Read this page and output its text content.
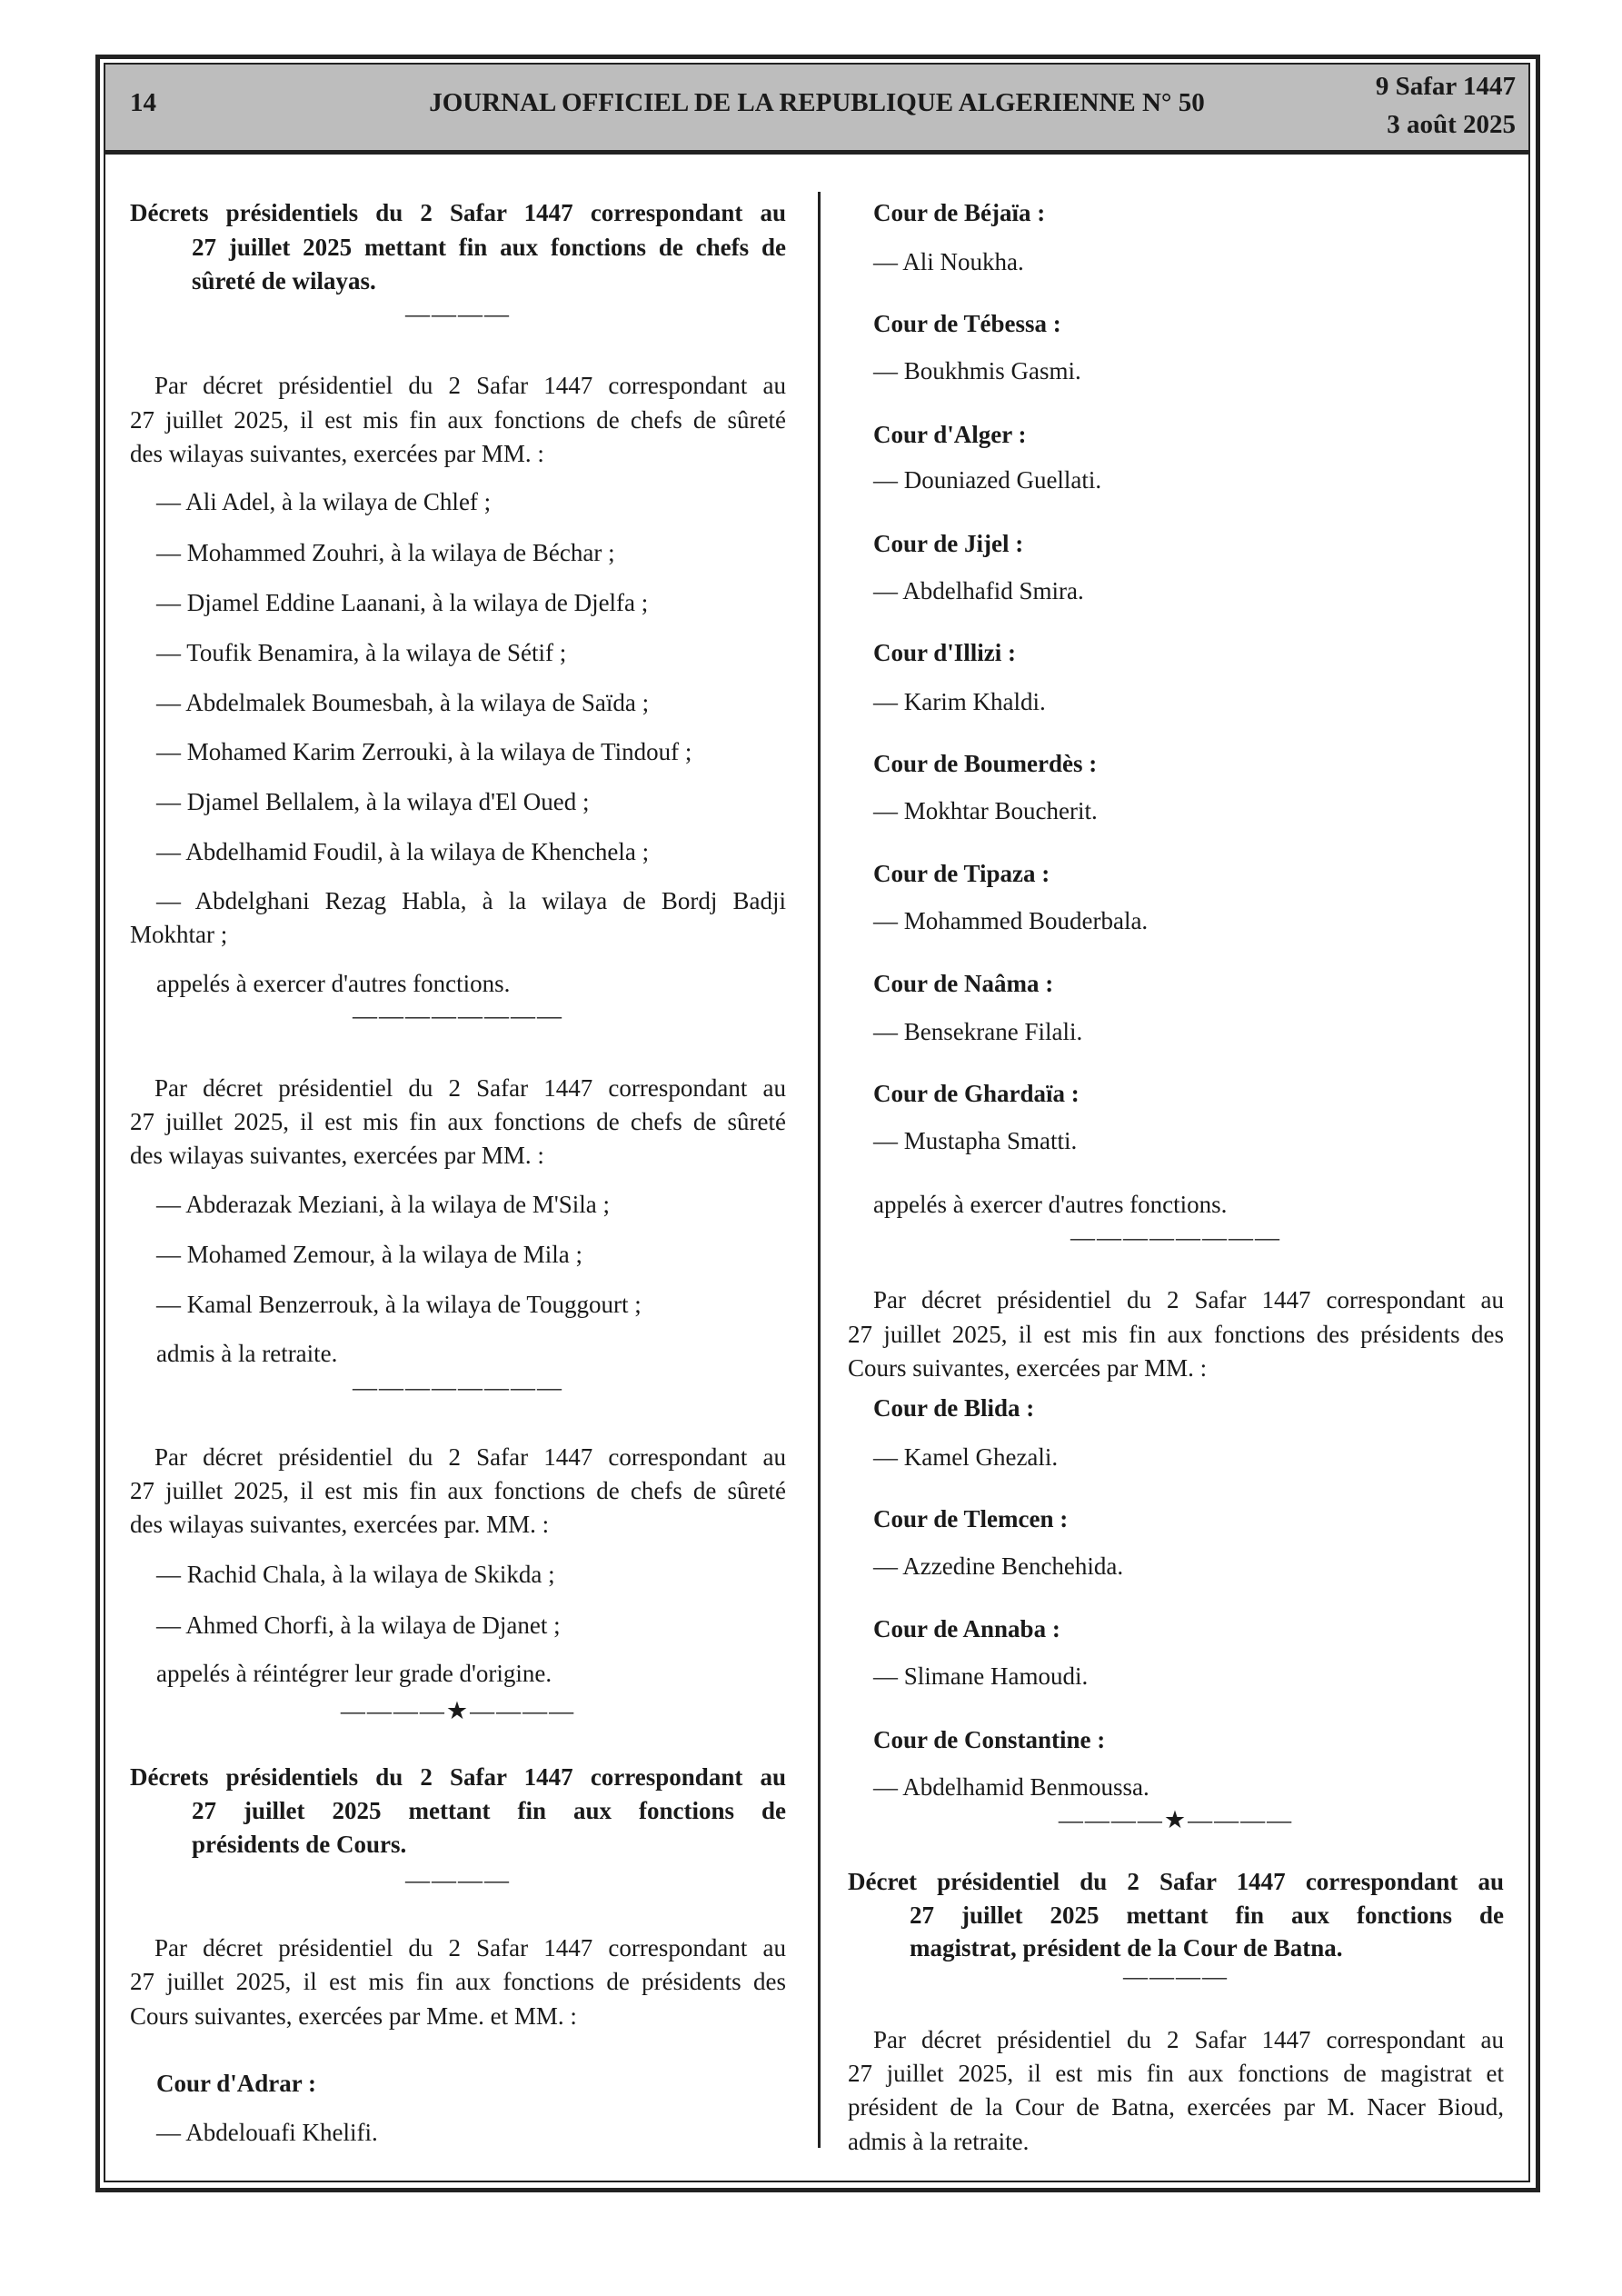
14	JOURNAL OFFICIEL DE LA REPUBLIQUE ALGERIENNE N° 50
9 Safar 1447
3 août 2025
Décrets présidentiels du 2 Safar 1447 correspondant au
27 juillet 2025 mettant fin aux fonctions de chefs de
sûreté de wilayas.
————
Par décret présidentiel du 2 Safar 1447 correspondant au
27 juillet 2025, il est mis fin aux fonctions de chefs de sûreté
des wilayas suivantes, exercées par MM. :
— Ali Adel, à la wilaya de Chlef ;
— Mohammed Zouhri, à la wilaya de Béchar ;
— Djamel Eddine Laanani, à la wilaya de Djelfa ;
— Toufik Benamira, à la wilaya de Sétif ;
— Abdelmalek Boumesbah, à la wilaya de Saïda ;
— Mohamed Karim Zerrouki, à la wilaya de Tindouf ;
— Djamel Bellalem, à la wilaya d'El Oued ;
— Abdelhamid Foudil, à la wilaya de Khenchela ;
— Abdelghani Rezag Habla, à la wilaya de Bordj Badji
Mokhtar ;
appelés à exercer d'autres fonctions.
————————
Par décret présidentiel du 2 Safar 1447 correspondant au
27 juillet 2025, il est mis fin aux fonctions de chefs de sûreté
des wilayas suivantes, exercées par MM. :
— Abderazak Meziani, à la wilaya de M'Sila ;
— Mohamed Zemour, à la wilaya de Mila ;
— Kamal Benzerrouk, à la wilaya de Touggourt ;
admis à la retraite.
————————
Par décret présidentiel du 2 Safar 1447 correspondant au
27 juillet 2025, il est mis fin aux fonctions de chefs de sûreté
des wilayas suivantes, exercées par. MM. :
— Rachid Chala, à la wilaya de Skikda ;
— Ahmed Chorfi, à la wilaya de Djanet ;
appelés à réintégrer leur grade d'origine.
————★————
Décrets présidentiels du 2 Safar 1447 correspondant au
27 juillet 2025 mettant fin aux fonctions de
présidents de Cours.
————
Par décret présidentiel du 2 Safar 1447 correspondant au
27 juillet 2025, il est mis fin aux fonctions de présidents des
Cours suivantes, exercées par Mme. et MM. :
Cour d'Adrar :
— Abdelouafi Khelifi.
Cour de Béjaïa :
— Ali Noukha.
Cour de Tébessa :
— Boukhmis Gasmi.
Cour d'Alger :
— Douniazed Guellati.
Cour de Jijel :
— Abdelhafid Smira.
Cour d'Illizi :
— Karim Khaldi.
Cour de Boumerdès :
— Mokhtar Boucherit.
Cour de Tipaza :
— Mohammed Bouderbala.
Cour de Naâma :
— Bensekrane Filali.
Cour de Ghardaïa :
— Mustapha Smatti.
appelés à exercer d'autres fonctions.
————————
Par décret présidentiel du 2 Safar 1447 correspondant au
27 juillet 2025, il est mis fin aux fonctions des présidents des
Cours suivantes, exercées par MM. :
Cour de Blida :
— Kamel Ghezali.
Cour de Tlemcen :
— Azzedine Benchehida.
Cour de Annaba :
— Slimane Hamoudi.
Cour de Constantine :
— Abdelhamid Benmoussa.
————★————
Décret présidentiel du 2 Safar 1447 correspondant au
27 juillet 2025 mettant fin aux fonctions de
magistrat, président de la Cour de Batna.
————
Par décret présidentiel du 2 Safar 1447 correspondant au
27 juillet 2025, il est mis fin aux fonctions de magistrat et
président de la Cour de Batna, exercées par M. Nacer Bioud,
admis à la retraite.
